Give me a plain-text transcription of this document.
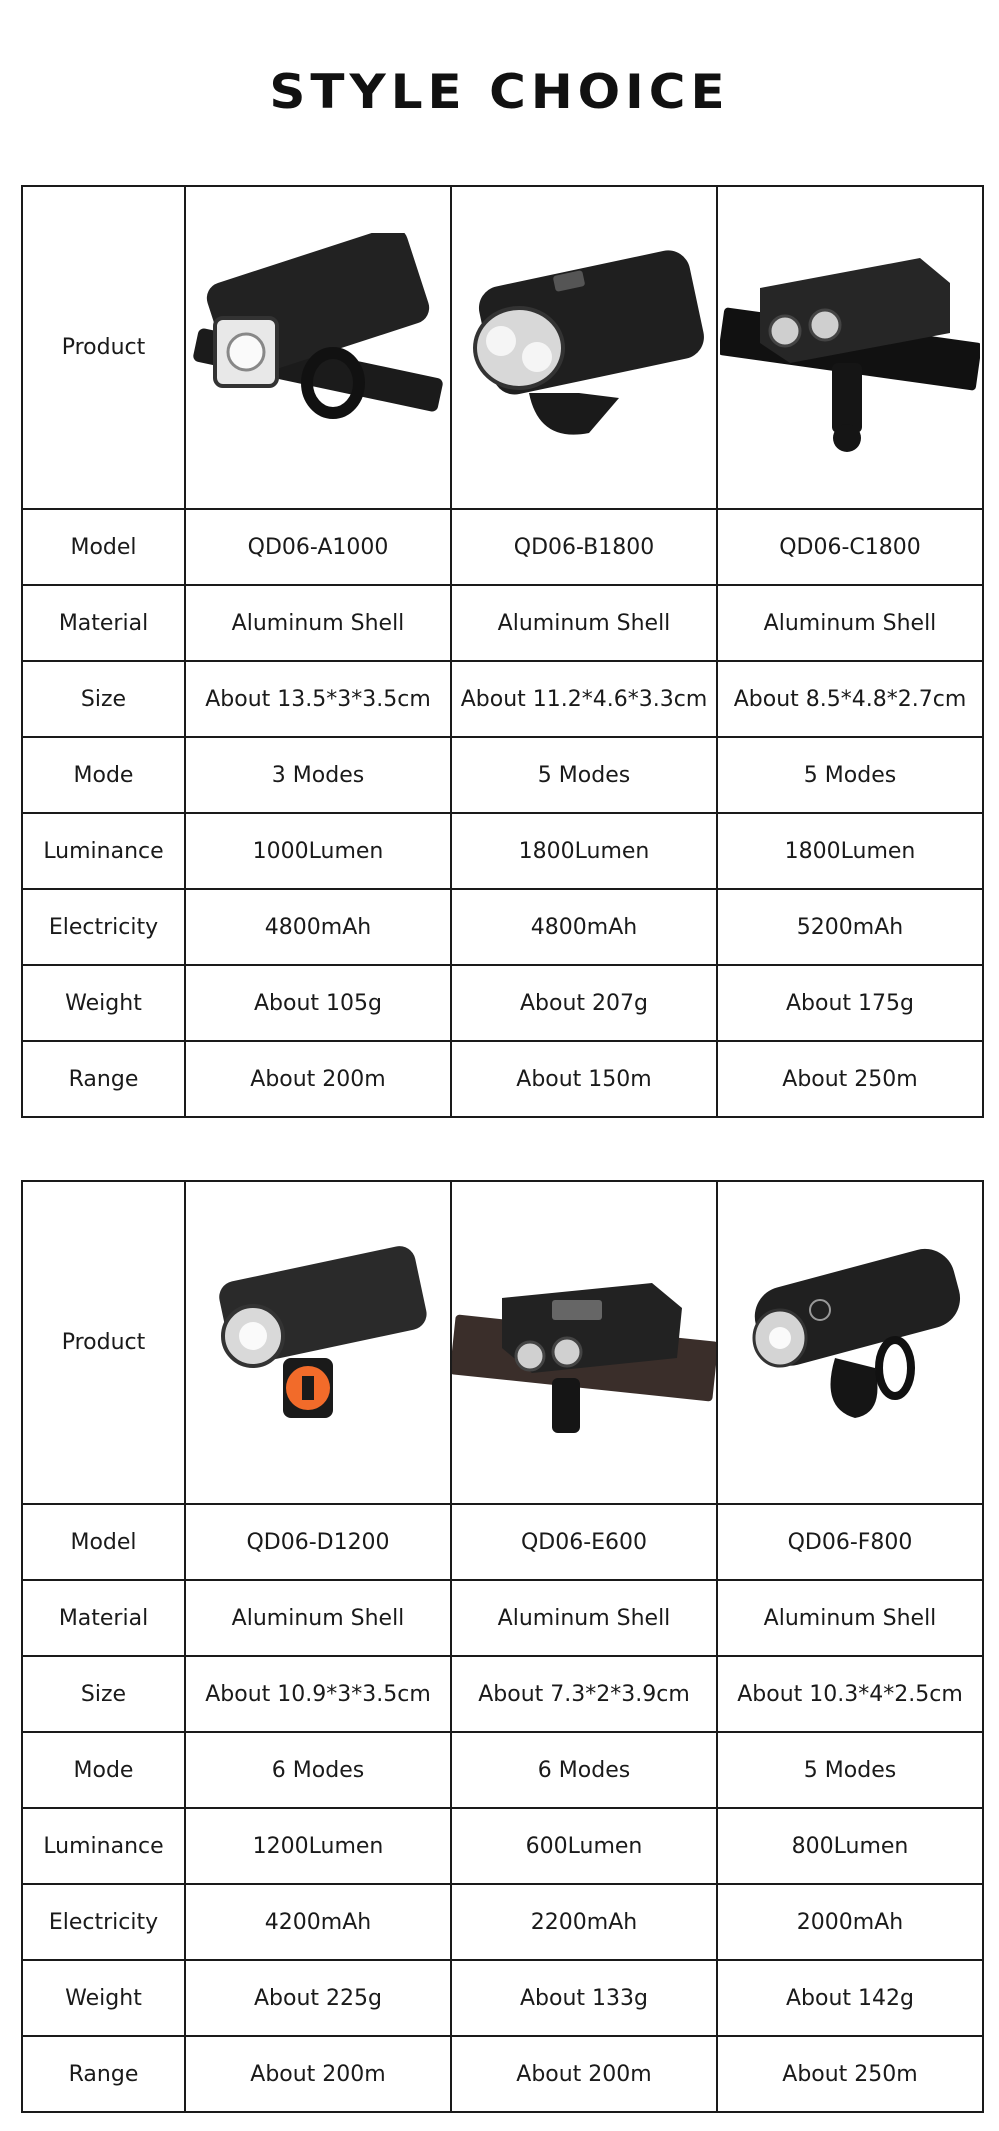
STYLE CHOICE
Product	

Model	QD06-A1000	QD06-B1800	QD06-C1800
Material	Aluminum Shell	Aluminum Shell	Aluminum Shell
Size	About 13.5*3*3.5cm	About 11.2*4.6*3.3cm	About 8.5*4.8*2.7cm
Mode	3 Modes	5 Modes	5 Modes
Luminance	1000Lumen	1800Lumen	1800Lumen
Electricity	4800mAh	4800mAh	5200mAh
Weight	About 105g	About 207g	About 175g
Range	About 200m	About 150m	About 250m
Product	

Model	QD06-D1200	QD06-E600	QD06-F800
Material	Aluminum Shell	Aluminum Shell	Aluminum Shell
Size	About 10.9*3*3.5cm	About 7.3*2*3.9cm	About 10.3*4*2.5cm
Mode	6 Modes	6 Modes	5 Modes
Luminance	1200Lumen	600Lumen	800Lumen
Electricity	4200mAh	2200mAh	2000mAh
Weight	About 225g	About 133g	About 142g
Range	About 200m	About 200m	About 250m
